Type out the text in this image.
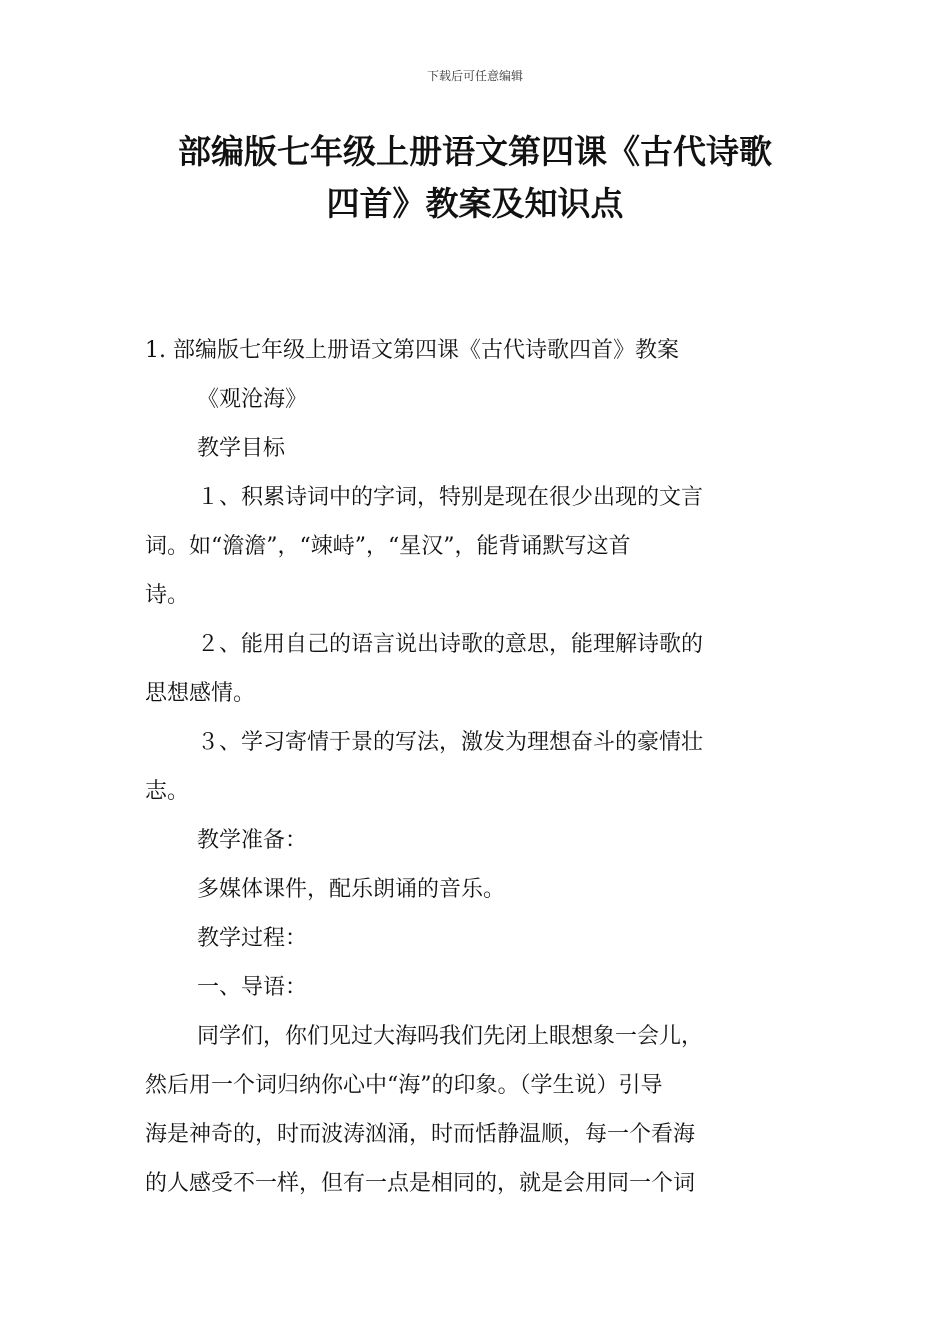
下载后可任意编辑
部编版七年级上册语文第四课《古代诗歌
四首》教案及知识点

1. 部编版七年级上册语文第四课《古代诗歌四首》教案

《观沧海》

教学目标

１、积累诗词中的字词，特别是现在很少出现的文言

词。如“澹澹”，“竦峙”，“星汉”，能背诵默写这首

诗。

２、能用自己的语言说出诗歌的意思，能理解诗歌的

思想感情。

３、学习寄情于景的写法，激发为理想奋斗的豪情壮

志。

教学准备：

多媒体课件，配乐朗诵的音乐。

教学过程：

一、导语：

同学们，你们见过大海吗我们先闭上眼想象一会儿，

然后用一个词归纳你心中“海”的印象。（学生说）引导

海是神奇的，时而波涛汹涌，时而恬静温顺，每一个看海

的人感受不一样，但有一点是相同的，就是会用同一个词
